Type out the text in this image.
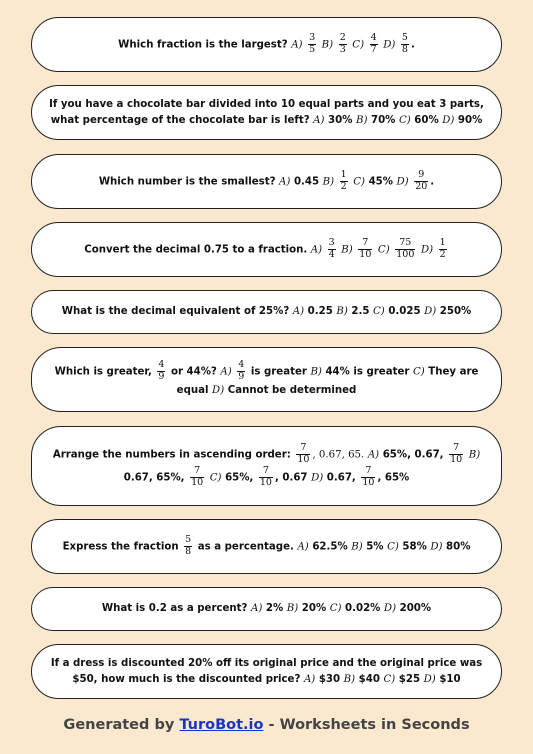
Which fraction is the largest? $A) \frac{3}{5} B) \frac{2}{3} C) \frac{4}{7} D) \frac{5}{8}$ .
If you have a chocolate bar divided into 10 equal parts and you eat 3 parts, what percentage of the chocolate bar is left? A) 30% B) 70% C) 60% D) 90%
Which number is the smallest? A) 0.45 $B) \frac{1}{2} C$) 45% $D) \frac{9}{20}$ .
Convert the decimal 0.75 to a fraction. $A) \frac{3}{4} B) \frac{7}{10} C) \frac{75}{100} D) \frac{1}{2}$
What is the decimal equivalent of 25%? A) 0.25 B) 2.5 C) 0.025 D) 250%
Which is greater, $\frac{4}{9}$ or 44%? $A) \frac{4}{9}$ is greater B) 44% is greater C) They are equal D) Cannot be determined
Arrange the numbers in ascending order: $\frac{7}{10}$ , 0.67, 65. A) 65%, 0.67, $\frac{7}{10} B$) 0.67, 65%, $\frac{7}{10} C$) 65%, $\frac{7}{10}$ , 0.67 D) 0.67, $\frac{7}{10}$ , 65%
Express the fraction $\frac{5}{8}$ as a percentage. A) 62.5% B) 5% C) 58% D) 80%
What is 0.2 as a percent? A) 2% B) 20% C) 0.02% D) 200%
If a dress is discounted 20% off its original price and the original price was $50, how much is the discounted price? A) $30 B) $40 C) $25 D) $10
Generated by TuroBot.io - Worksheets in Seconds
